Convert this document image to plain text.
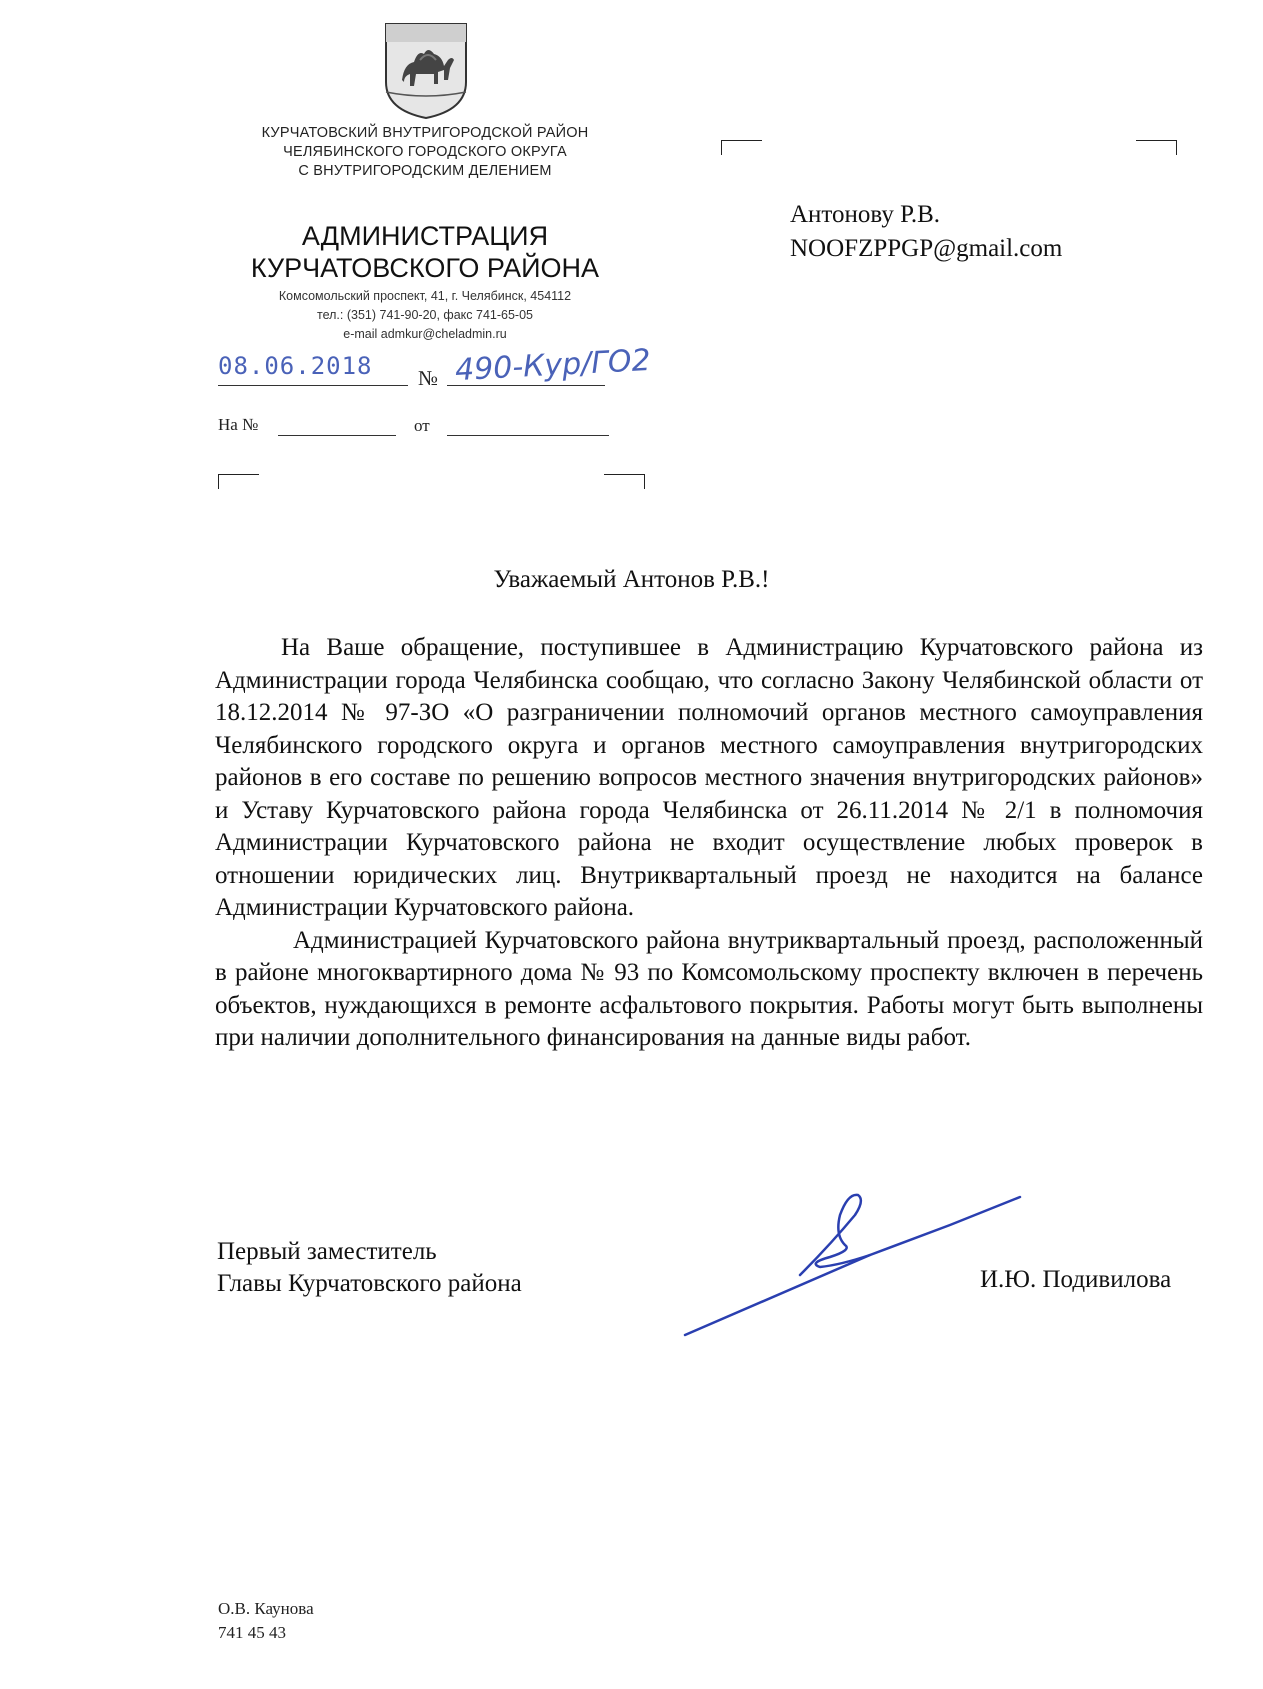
КУРЧАТОВСКИЙ ВНУТРИГОРОДСКОЙ РАЙОН
ЧЕЛЯБИНСКОГО ГОРОДСКОГО ОКРУГА
С ВНУТРИГОРОДСКИМ ДЕЛЕНИЕМ
АДМИНИСТРАЦИЯ
КУРЧАТОВСКОГО РАЙОНА
Комсомольский проспект, 41, г. Челябинск, 454112
тел.: (351) 741-90-20, факс 741-65-05
e-mail admkur@cheladmin.ru
08.06.2018 № 490-Кур/ГО2
На №	от
Антонову Р.В.
NOOFZPPGP@gmail.com
Уважаемый Антонов Р.В.!

На Ваше обращение, поступившее в Администрацию Курчатовского района из Администрации города Челябинска сообщаю, что согласно Закону Челябинской области от 18.12.2014 № 97-ЗО «О разграничении полномочий органов местного самоуправления Челябинского городского округа и органов местного самоуправления внутригородских районов в его составе по решению вопросов местного значения внутригородских районов» и Уставу Курчатовского района города Челябинска от 26.11.2014 № 2/1 в полномочия Администрации Курчатовского района не входит осуществление любых проверок в отношении юридических лиц. Внутриквартальный проезд не находится на балансе Администрации Курчатовского района.

Администрацией Курчатовского района внутриквартальный проезд, расположенный в районе многоквартирного дома № 93 по Комсомольскому проспекту включен в перечень объектов, нуждающихся в ремонте асфальтового покрытия. Работы могут быть выполнены при наличии дополнительного финансирования на данные виды работ.

Первый заместитель
Главы Курчатовского района	И.Ю. Подивилова
О.В. Каунова
741 45 43
